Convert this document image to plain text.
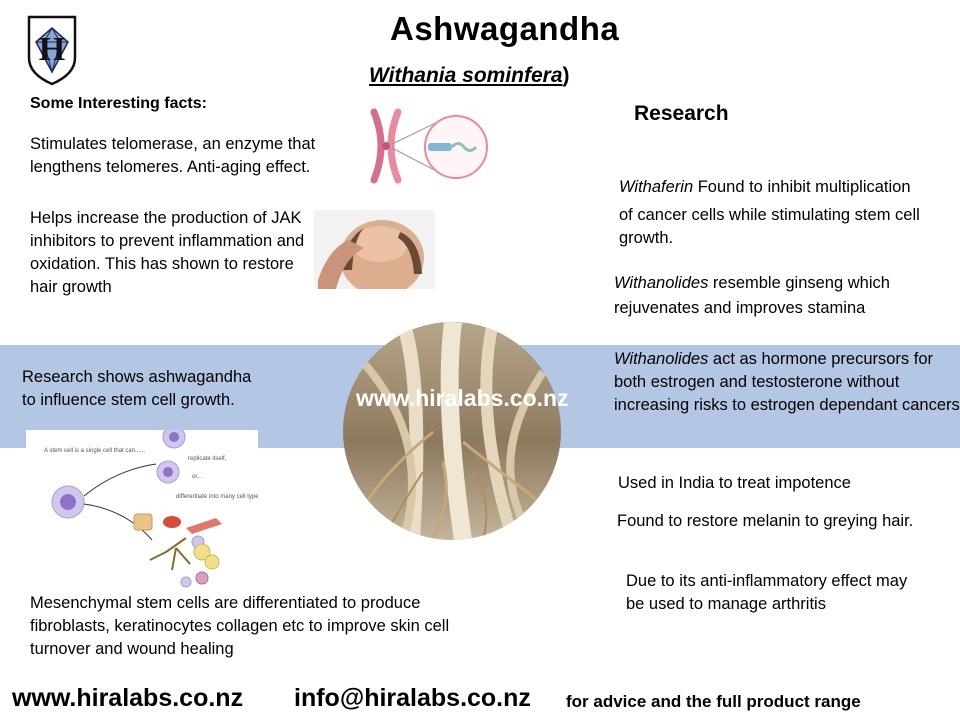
H
Ashwagandha
Withania sominfera)
Some Interesting facts:	Research
Stimulates telomerase, an enzyme that lengthens telomeres. Anti-aging effect.
Helps increase the production of JAK inhibitors to prevent inflammation and oxidation. This has shown to restore hair growth
Research shows ashwagandha to influence stem cell growth.
A stem cell is a single cell that can......
replicate itself,
or...
differentiate into many cell types.
Mesenchymal stem cells are differentiated to produce fibroblasts, keratinocytes collagen etc to improve skin cell turnover and wound healing
www.hiralabs.co.nz
Withaferin Found to inhibit multiplication
of cancer cells while stimulating stem cell growth.
Withanolides resemble ginseng which rejuvenates and improves stamina
Withanolides act as hormone precursors for both estrogen and testosterone without increasing risks to estrogen dependant cancers
Used in India to treat impotence
Found to restore melanin to greying hair.
Due to its anti-inflammatory effect may be used to manage arthritis
www.hiralabs.co.nz info@hiralabs.co.nz for advice and the full product range
